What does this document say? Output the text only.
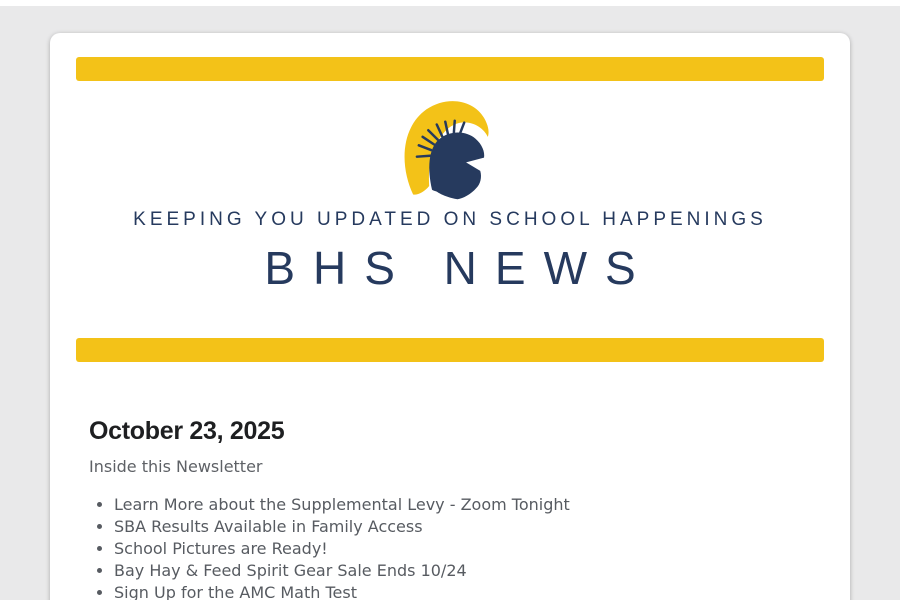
KEEPING YOU UPDATED ON SCHOOL HAPPENINGS
BHS NEWS
October 23, 2025

Inside this Newsletter

• Learn More about the Supplemental Levy - Zoom Tonight
• SBA Results Available in Family Access
• School Pictures are Ready!
• Bay Hay & Feed Spirit Gear Sale Ends 10/24
• Sign Up for the AMC Math Test
